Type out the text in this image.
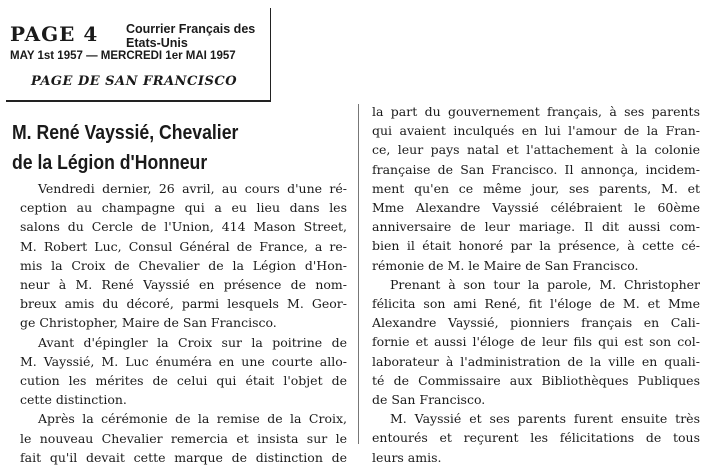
PAGE 4 Courrier Français des Etats-Unis
MAY 1st 1957 — MERCREDI 1er MAI 1957
PAGE DE SAN FRANCISCO
M. René Vayssié, Chevalier
de la Légion d'Honneur
Vendredi dernier, 26 avril, au cours d'une ré-
ception au champagne qui a eu lieu dans les
salons du Cercle de l'Union, 414 Mason Street,
M. Robert Luc, Consul Général de France, a re-
mis la Croix de Chevalier de la Légion d'Hon-
neur à M. René Vayssié en présence de nom-
breux amis du décoré, parmi lesquels M. Geor-
ge Christopher, Maire de San Francisco.
Avant d'épingler la Croix sur la poitrine de
M. Vayssié, M. Luc énuméra en une courte allo-
cution les mérites de celui qui était l'objet de
cette distinction.
Après la cérémonie de la remise de la Croix,
le nouveau Chevalier remercia et insista sur le
fait qu'il devait cette marque de distinction de
la part du gouvernement français, à ses parents
qui avaient inculqués en lui l'amour de la Fran-
ce, leur pays natal et l'attachement à la colonie
française de San Francisco. Il annonça, incidem-
ment qu'en ce même jour, ses parents, M. et
Mme Alexandre Vayssié célébraient le 60ème
anniversaire de leur mariage. Il dit aussi com-
bien il était honoré par la présence, à cette cé-
rémonie de M. le Maire de San Francisco.
Prenant à son tour la parole, M. Christopher
félicita son ami René, fit l'éloge de M. et Mme
Alexandre Vayssié, pionniers français en Cali-
fornie et aussi l'éloge de leur fils qui est son col-
laborateur à l'administration de la ville en quali-
té de Commissaire aux Bibliothèques Publiques
de San Francisco.
M. Vayssié et ses parents furent ensuite très
entourés et reçurent les félicitations de tous
leurs amis.
